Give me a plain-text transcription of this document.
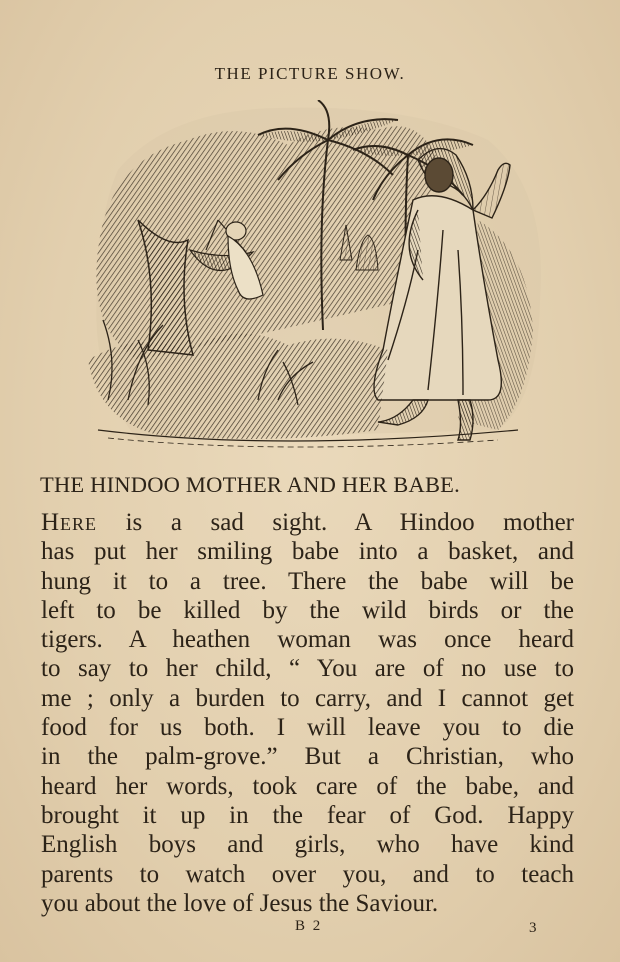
THE PICTURE SHOW.
THE HINDOO MOTHER AND HER BABE.
Here is a sad sight. A Hindoo mother
has put her smiling babe into a basket, and
hung it to a tree. There the babe will be
left to be killed by the wild birds or the
tigers. A heathen woman was once heard
to say to her child, “ You are of no use to
me ; only a burden to carry, and I cannot get
food for us both. I will leave you to die
in the palm-grove.” But a Christian, who
heard her words, took care of the babe, and
brought it up in the fear of God. Happy
English boys and girls, who have kind
parents to watch over you, and to teach
you about the love of Jesus the Saviour.
B 2	3
